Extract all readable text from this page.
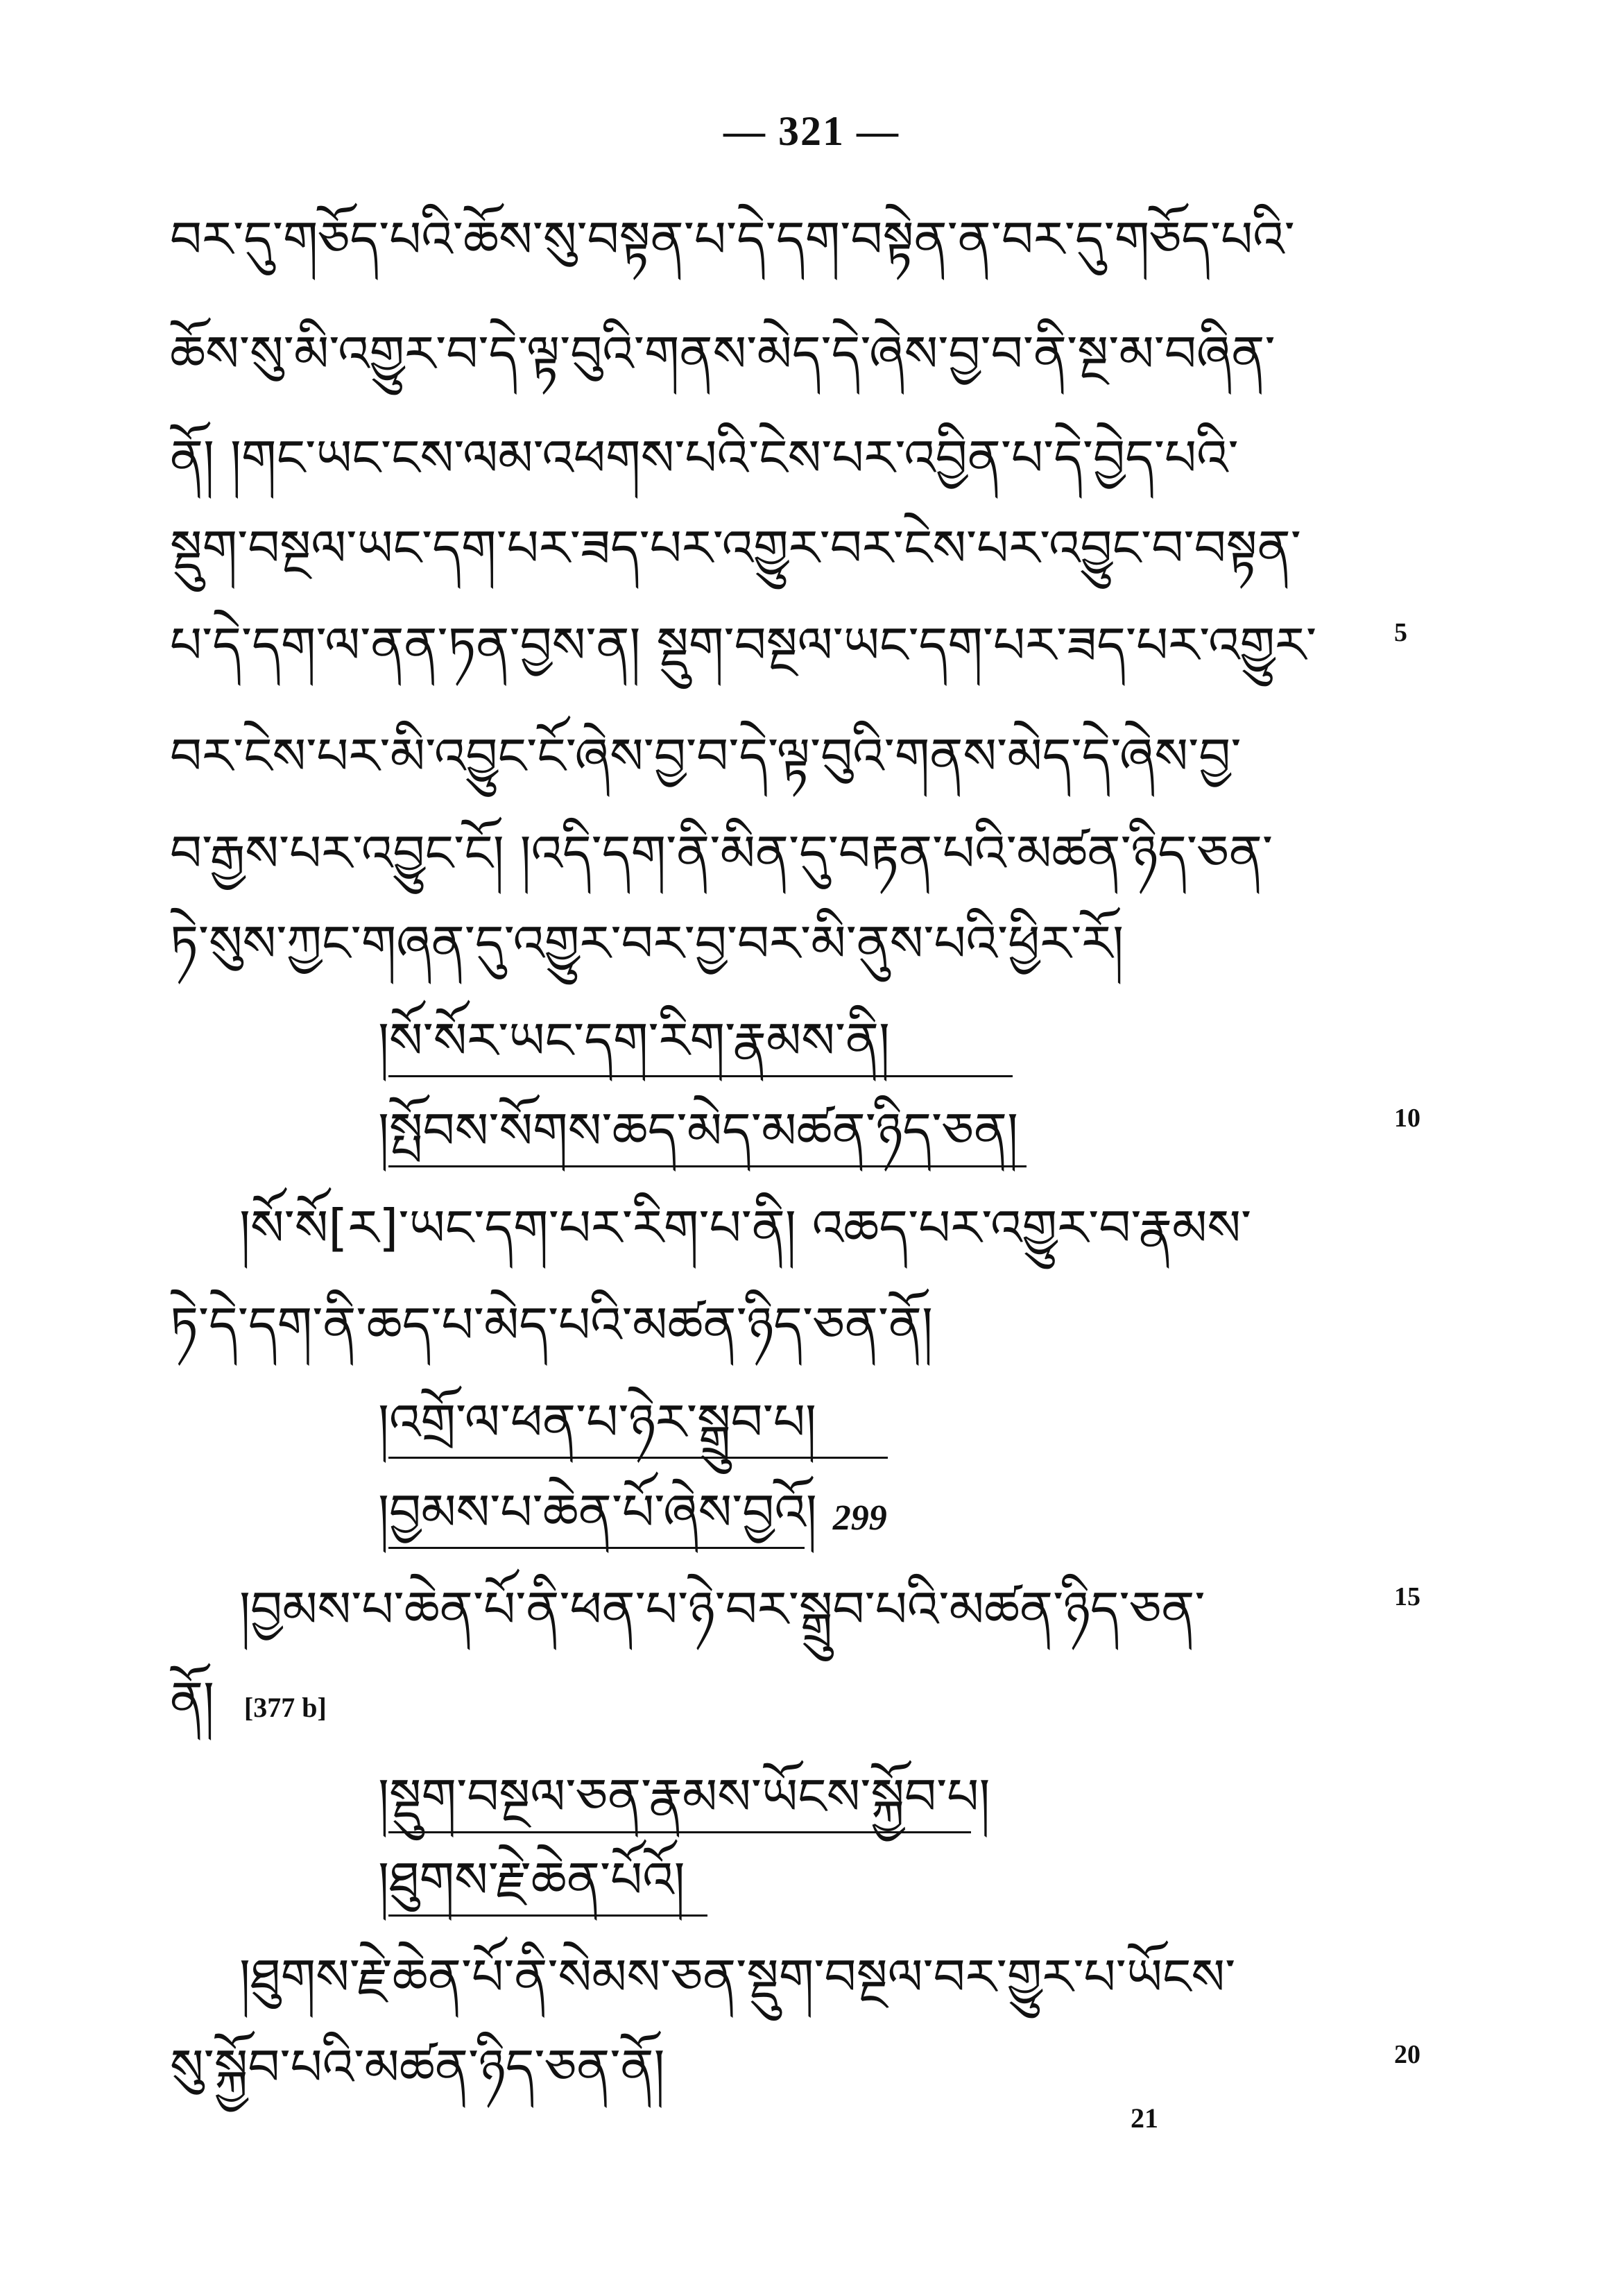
— 321 —
བར་དུ་གཅོད་པའི་ཆོས་སུ་བསྟན་པ་དེ་དག་བསྟེན་ན་བར་དུ་གཅོད་པའི་
ཆོས་སུ་མི་འགྱུར་བ་དེ་ལྟ་བུའི་གནས་མེད་དེ་ཞེས་བྱ་བ་ནི་སྔ་མ་བཞིན་
ནོ། །གང་ཡང་ངས་ལམ་འཕགས་པའི་ངེས་པར་འབྱིན་པ་དེ་བྱེད་པའི་
སྡུག་བསྔལ་ཡང་དག་པར་ཟད་པར་འགྱུར་བར་ངེས་པར་འབྱུང་བ་བསྟན་
པ་དེ་དག་ལ་ནན་ཏན་བྱས་ན། སྡུག་བསྔལ་ཡང་དག་པར་ཟད་པར་འགྱུར་	5
བར་ངེས་པར་མི་འབྱུང་ངོ་ཞེས་བྱ་བ་དེ་ལྟ་བུའི་གནས་མེད་དེ་ཞེས་བྱ་
བ་རྒྱས་པར་འབྱུང་ངོ། །འདི་དག་ནི་མིན་དུ་བརྟན་པའི་མཚན་ཉིད་ཅན་
ཏེ་སུས་ཀྱང་གཞན་དུ་འགྱུར་བར་བྱ་བར་མི་ནུས་པའི་ཕྱིར་རོ།
།སོ་སོར་ཡང་དག་རིག་རྣམས་ནི།
།སྤོབས་སོགས་ཆད་མེད་མཚན་ཉིད་ཅན།	10
།སོ་སོ[ར]་ཡང་དག་པར་རིག་པ་ནི། འཆད་པར་འགྱུར་བ་རྣམས་
ཏེ་དེ་དག་ནི་ཆད་པ་མེད་པའི་མཚན་ཉིད་ཅན་ནོ།
།འགྲོ་ལ་ཕན་པ་ཉེར་སྒྲུབ་པ།
།བྱམས་པ་ཆེན་པོ་ཞེས་བྱའོ། 299
།བྱམས་པ་ཆེན་པོ་ནི་ཕན་པ་ཉེ་བར་སྒྲུབ་པའི་མཚན་ཉིད་ཅན་	15
ནོ། [377 b]
།སྡུག་བསྔལ་ཅན་རྣམས་ཡོངས་སྐྱོབ་པ།
།ཐུགས་རྗེ་ཆེན་པོའོ།
།ཐུགས་རྗེ་ཆེན་པོ་ནི་སེམས་ཅན་སྡུག་བསྔལ་བར་གྱུར་པ་ཡོངས་
སུ་སྐྱོབ་པའི་མཚན་ཉིད་ཅན་ནོ།	20
21
